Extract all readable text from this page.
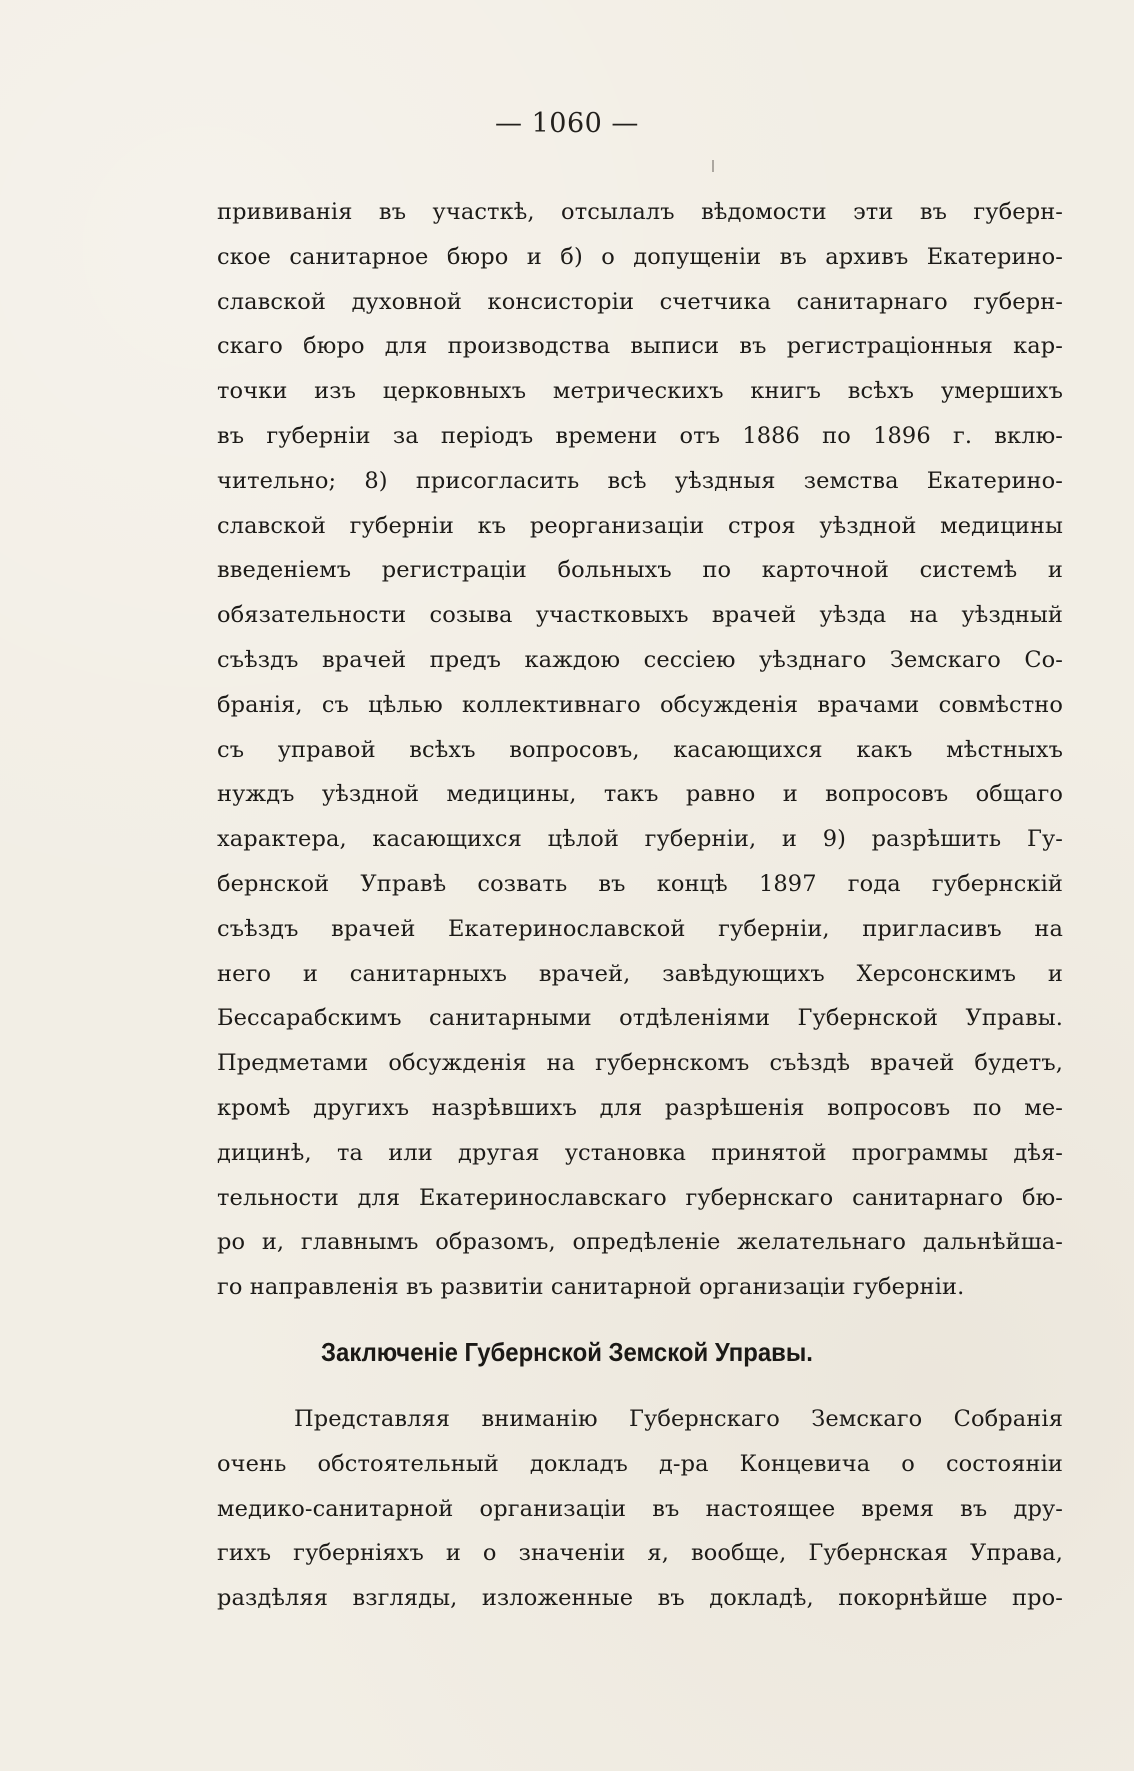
— 1060 —
прививанія въ участкѣ, отсылалъ вѣдомости эти въ губерн-
ское санитарное бюро и б) о допущеніи въ архивъ Екатерино-
славской духовной консисторіи счетчика санитарнаго губерн-
скаго бюро для производства выписи въ регистраціонныя кар-
точки изъ церковныхъ метрическихъ книгъ всѣхъ умершихъ
въ губерніи за періодъ времени отъ 1886 по 1896 г. вклю-
чительно; 8) присогласить всѣ уѣздныя земства Екатерино-
славской губерніи къ реорганизаціи строя уѣздной медицины
введеніемъ регистраціи больныхъ по карточной системѣ и
обязательности созыва участковыхъ врачей уѣзда на уѣздный
съѣздъ врачей предъ каждою сессіею уѣзднаго Земскаго Со-
бранія, съ цѣлью коллективнаго обсужденія врачами совмѣстно
съ управой всѣхъ вопросовъ, касающихся какъ мѣстныхъ
нуждъ уѣздной медицины, такъ равно и вопросовъ общаго
характера, касающихся цѣлой губерніи, и 9) разрѣшить Гу-
бернской Управѣ созвать въ концѣ 1897 года губернскій
съѣздъ врачей Екатеринославской губерніи, пригласивъ на
него и санитарныхъ врачей, завѣдующихъ Херсонскимъ и
Бессарабскимъ санитарными отдѣленіями Губернской Управы.
Предметами обсужденія на губернскомъ съѣздѣ врачей будетъ,
кромѣ другихъ назрѣвшихъ для разрѣшенія вопросовъ по ме-
дицинѣ, та или другая установка принятой программы дѣя-
тельности для Екатеринославскаго губернскаго санитарнаго бю-
ро и, главнымъ образомъ, опредѣленіе желательнаго дальнѣйша-
го направленія въ развитіи санитарной организаціи губерніи.
Заключеніе Губернской Земской Управы.
Представляя вниманію Губернскаго Земскаго Собранія
очень обстоятельный докладъ д-ра Концевича о состояніи
медико-санитарной организаціи въ настоящее время въ дру-
гихъ губерніяхъ и о значеніи я, вообще, Губернская Управа,
раздѣляя взгляды, изложенные въ докладѣ, покорнѣйше про-
